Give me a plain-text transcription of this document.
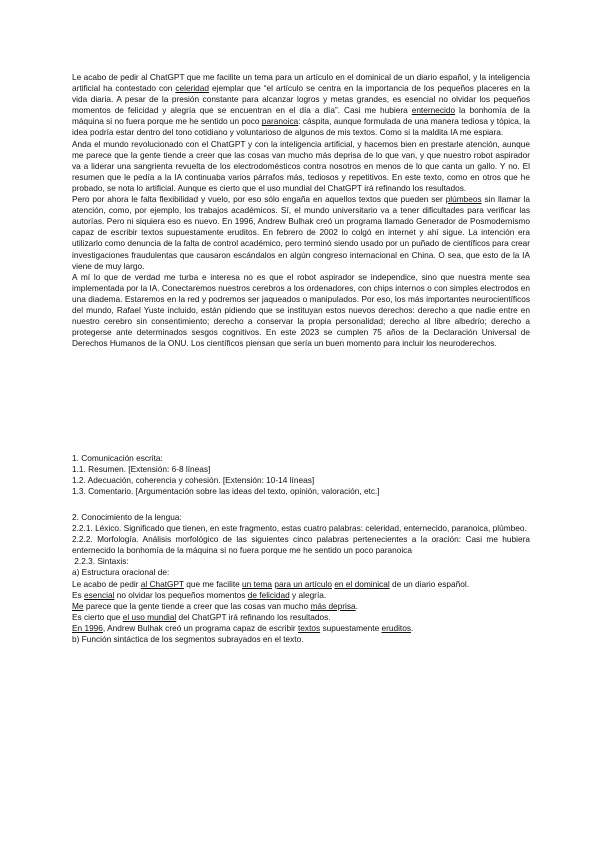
Le acabo de pedir al ChatGPT que me facilite un tema para un artículo en el dominical de un diario español, y la inteligencia artificial ha contestado con celeridad ejemplar que “el artículo se centra en la importancia de los pequeños placeres en la vida diaria. A pesar de la presión constante para alcanzar logros y metas grandes, es esencial no olvidar los pequeños momentos de felicidad y alegría que se encuentran en el día a día”. Casi me hubiera enternecido la bonhomía de la máquina si no fuera porque me he sentido un poco paranoica: cáspita, aunque formulada de una manera tediosa y tópica, la idea podría estar dentro del tono cotidiano y voluntarioso de algunos de mis textos. Como si la maldita IA me espiara.

Anda el mundo revolucionado con el ChatGPT y con la inteligencia artificial, y hacemos bien en prestarle atención, aunque me parece que la gente tiende a creer que las cosas van mucho más deprisa de lo que van, y que nuestro robot aspirador va a liderar una sangrienta revuelta de los electrodomésticos contra nosotros en menos de lo que canta un gallo. Y no. El resumen que le pedía a la IA continuaba varios párrafos más, tediosos y repetitivos. En este texto, como en otros que he probado, se nota lo artificial. Aunque es cierto que el uso mundial del ChatGPT irá refinando los resultados.

Pero por ahora le falta flexibilidad y vuelo, por eso sólo engaña en aquellos textos que pueden ser plúmbeos sin llamar la atención, como, por ejemplo, los trabajos académicos. Sí, el mundo universitario va a tener dificultades para verificar las autorías. Pero ni siquiera eso es nuevo. En 1996, Andrew Bulhak creó un programa llamado Generador de Posmodernismo capaz de escribir textos supuestamente eruditos. En febrero de 2002 lo colgó en internet y ahí sigue. La intención era utilizarlo como denuncia de la falta de control académico, pero terminó siendo usado por un puñado de científicos para crear investigaciones fraudulentas que causaron escándalos en algún congreso internacional en China. O sea, que esto de la IA viene de muy largo.

A mí lo que de verdad me turba e interesa no es que el robot aspirador se independice, sino que nuestra mente sea implementada por la IA. Conectaremos nuestros cerebros a los ordenadores, con chips internos o con simples electrodos en una diadema. Estaremos en la red y podremos ser jaqueados o manipulados. Por eso, los más importantes neurocientíficos del mundo, Rafael Yuste incluido, están pidiendo que se instituyan estos nuevos derechos: derecho a que nadie entre en nuestro cerebro sin consentimiento; derecho a conservar la propia personalidad; derecho al libre albedrío; derecho a protegerse ante determinados sesgos cognitivos. En este 2023 se cumplen 75 años de la Declaración Universal de Derechos Humanos de la ONU. Los científicos piensan que sería un buen momento para incluir los neuroderechos.

1. Comunicación escrita:

1.1. Resumen. [Extensión: 6-8 líneas]

1.2. Adecuación, coherencia y cohesión. [Extensión: 10-14 líneas]

1.3. Comentario. [Argumentación sobre las ideas del texto, opinión, valoración, etc.]

2. Conocimiento de la lengua:

2.2.1. Léxico. Significado que tienen, en este fragmento, estas cuatro palabras: celeridad, enternecido, paranoica, plúmbeo.

2.2.2. Morfología. Análisis morfológico de las siguientes cinco palabras pertenecientes a la oración: Casi me hubiera enternecido la bonhomía de la máquina si no fuera porque me he sentido un poco paranoica

2.2.3. Sintaxis:

a) Estructura oracional de:

Le acabo de pedir al ChatGPT que me facilite un tema para un artículo en el dominical de un diario español.

Es esencial no olvidar los pequeños momentos de felicidad y alegría.

Me parece que la gente tiende a creer que las cosas van mucho más deprisa.

Es cierto que el uso mundial del ChatGPT irá refinando los resultados.

En 1996, Andrew Bulhak creó un programa capaz de escribir textos supuestamente eruditos.

b) Función sintáctica de los segmentos subrayados en el texto.
